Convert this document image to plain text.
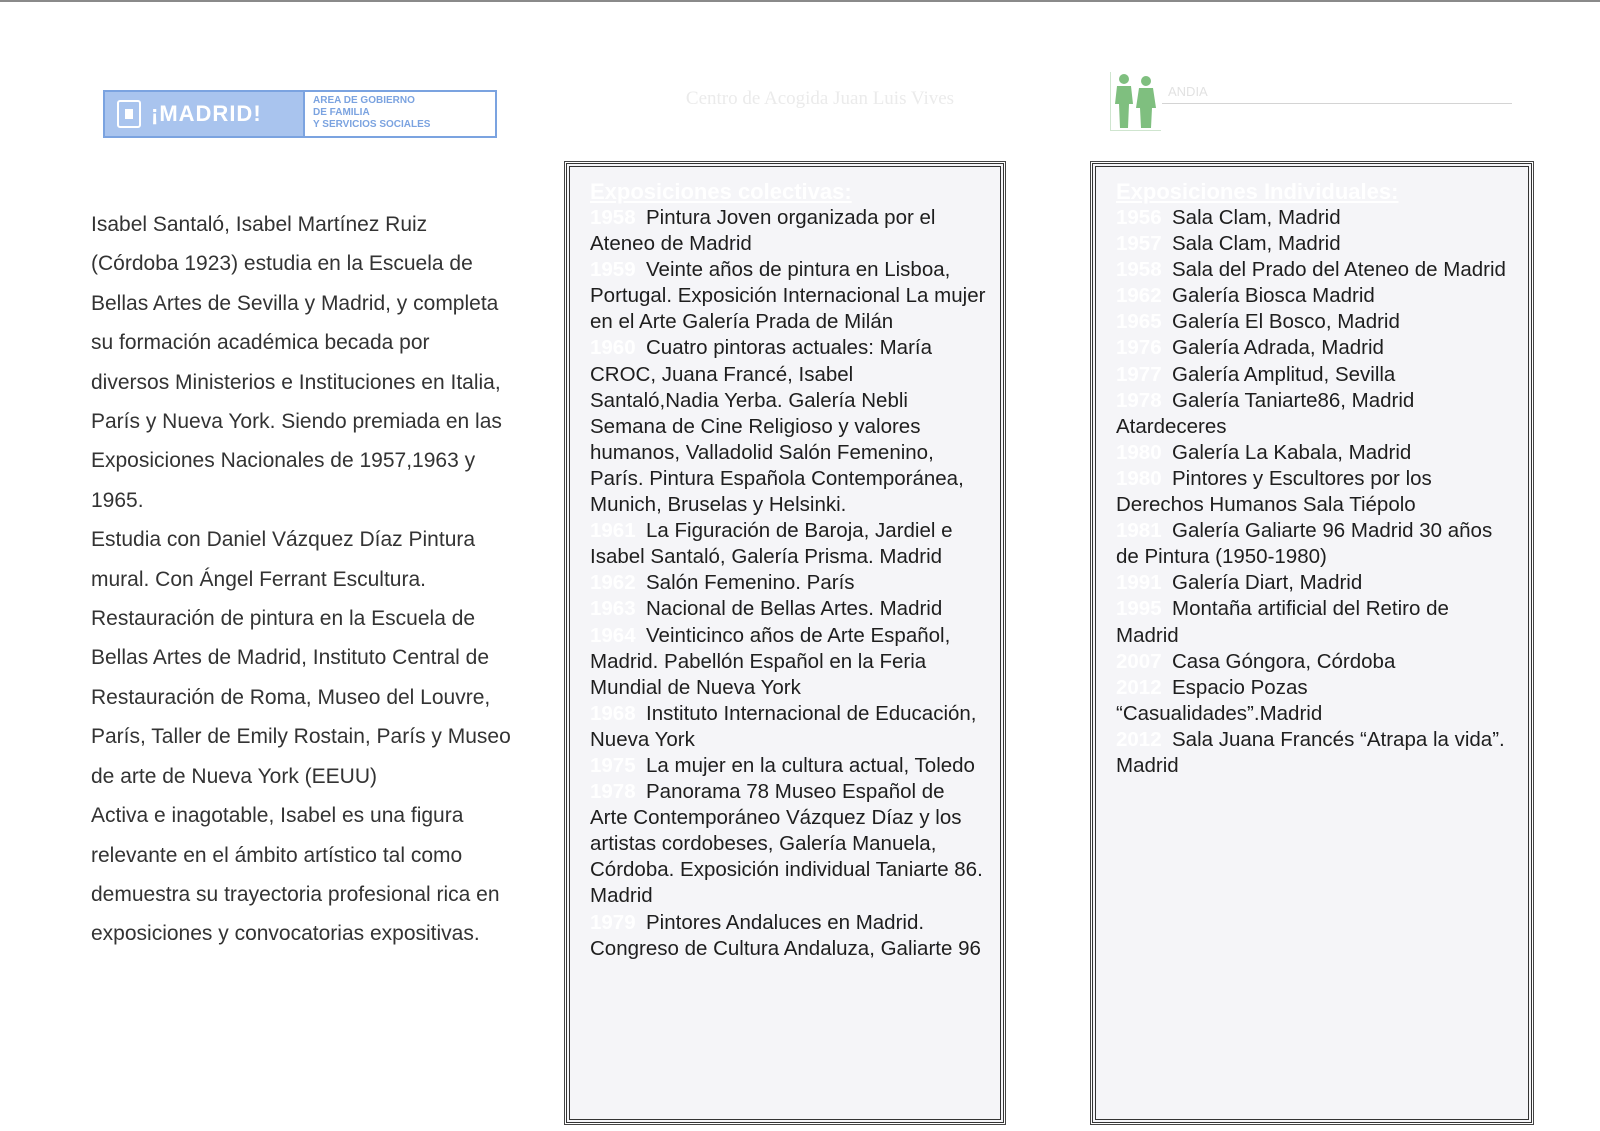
¡MADRID!
AREA DE GOBIERNO
DE FAMILIA
Y SERVICIOS SOCIALES
Centro de Acogida Juan Luis Vives	ANDIA

Isabel Santaló, Isabel Martínez Ruiz (Córdoba 1923) estudia en la Escuela de Bellas Artes de Sevilla y Madrid, y completa su formación académica becada por diversos Ministerios e Instituciones en Italia, París y Nueva York. Siendo premiada en las Exposiciones Nacionales de 1957,1963 y 1965.

Estudia con Daniel Vázquez Díaz Pintura mural. Con Ángel Ferrant Escultura. Restauración de pintura en la Escuela de Bellas Artes de Madrid, Instituto Central de Restauración de Roma, Museo del Louvre, París, Taller de Emily Rostain, París y Museo de arte de Nueva York (EEUU)

Activa e inagotable, Isabel es una figura relevante en el ámbito artístico tal como demuestra su trayectoria profesional rica en exposiciones y convocatorias expositivas.

Exposiciones colectivas:

1958 Pintura Joven organizada por el Ateneo de Madrid

1959 Veinte años de pintura en Lisboa, Portugal. Exposición Internacional La mujer en el Arte Galería Prada de Milán

1960 Cuatro pintoras actuales: María CROC, Juana Francé, Isabel Santaló,Nadia Yerba. Galería Nebli Semana de Cine Religioso y valores humanos, Valladolid Salón Femenino, París. Pintura Española Contemporánea, Munich, Bruselas y Helsinki.

1961 La Figuración de Baroja, Jardiel e Isabel Santaló, Galería Prisma. Madrid

1962 Salón Femenino. París

1963 Nacional de Bellas Artes. Madrid

1964 Veinticinco años de Arte Español, Madrid. Pabellón Español en la Feria Mundial de Nueva York

1968 Instituto Internacional de Educación, Nueva York

1975 La mujer en la cultura actual, Toledo

1978 Panorama 78 Museo Español de Arte Contemporáneo Vázquez Díaz y los artistas cordobeses, Galería Manuela, Córdoba. Exposición individual Taniarte 86. Madrid

1979 Pintores Andaluces en Madrid. Congreso de Cultura Andaluza, Galiarte 96

Exposiciones Individuales:

1956 Sala Clam, Madrid

1957 Sala Clam, Madrid

1958 Sala del Prado del Ateneo de Madrid

1962 Galería Biosca Madrid

1965 Galería El Bosco, Madrid

1976 Galería Adrada, Madrid

1977 Galería Amplitud, Sevilla

1978 Galería Taniarte86, Madrid Atardeceres

1980 Galería La Kabala, Madrid

1980 Pintores y Escultores por los Derechos Humanos Sala Tiépolo

1981 Galería Galiarte 96 Madrid 30 años de Pintura (1950-1980)

1991 Galería Diart, Madrid

1995 Montaña artificial del Retiro de Madrid

2007 Casa Góngora, Córdoba

2012 Espacio Pozas “Casualidades”.Madrid

2012 Sala Juana Francés “Atrapa la vida”. Madrid
